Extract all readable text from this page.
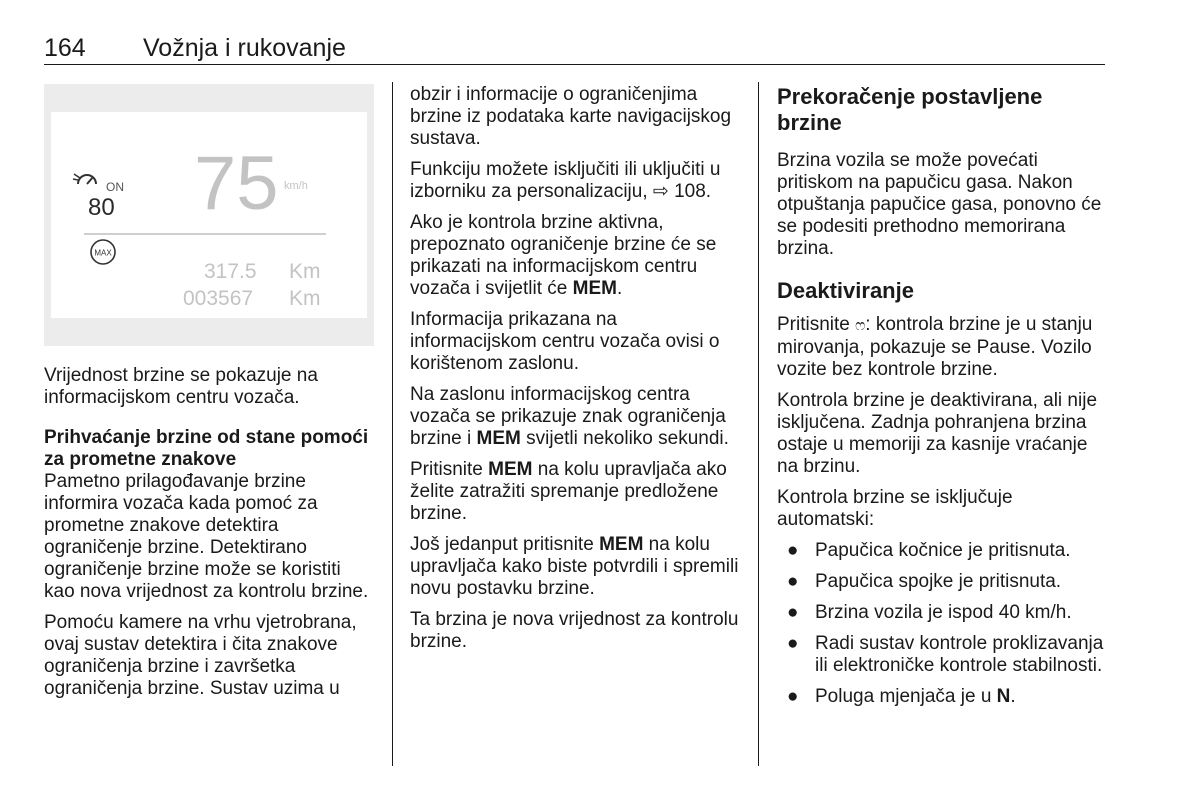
164 Vožnja i rukovanje
ON
80 75 km/h
MAX
317.5 Km
003567 Km

Vrijednost brzine se pokazuje na informacijskom centru vozača.

Prihvaćanje brzine od stane pomoći za prometne znakove

Pametno prilagođavanje brzine informira vozača kada pomoć za prometne znakove detektira ograničenje brzine. Detektirano ograničenje brzine može se koristiti kao nova vrijednost za kontrolu brzine.

Pomoću kamere na vrhu vjetrobrana, ovaj sustav detektira i čita znakove ograničenja brzine i završetka ograničenja brzine. Sustav uzima u

obzir i informacije o ograničenjima brzine iz podataka karte navigacijskog sustava.

Funkciju možete isključiti ili uključiti u izborniku za personalizaciju, ⇨ 108.

Ako je kontrola brzine aktivna, prepoznato ograničenje brzine će se prikazati na informacijskom centru vozača i svijetlit će MEM.

Informacija prikazana na informacijskom centru vozača ovisi o korištenom zaslonu.

Na zaslonu informacijskog centra vozača se prikazuje znak ograničenja brzine i MEM svijetli nekoliko sekundi.

Pritisnite MEM na kolu upravljača ako želite zatražiti spremanje predložene brzine.

Još jedanput pritisnite MEM na kolu upravljača kako biste potvrdili i spremili novu postavku brzine.

Ta brzina je nova vrijednost za kontrolu brzine.

Prekoračenje postavljene brzine

Brzina vozila se može povećati pritiskom na papučicu gasa. Nakon otpuštanja papučice gasa, ponovno će se podesiti prethodno memorirana brzina.

Deaktiviranje

Pritisnite ෆ: kontrola brzine je u stanju mirovanja, pokazuje se Pause. Vozilo vozite bez kontrole brzine.

Kontrola brzine je deaktivirana, ali nije isključena. Zadnja pohranjena brzina ostaje u memoriji za kasnije vraćanje na brzinu.

Kontrola brzine se isključuje automatski:

● Papučica kočnice je pritisnuta.
● Papučica spojke je pritisnuta.
● Brzina vozila je ispod 40 km/h.
● Radi sustav kontrole proklizavanja ili elektroničke kontrole stabilnosti.
● Poluga mjenjača je u N.
